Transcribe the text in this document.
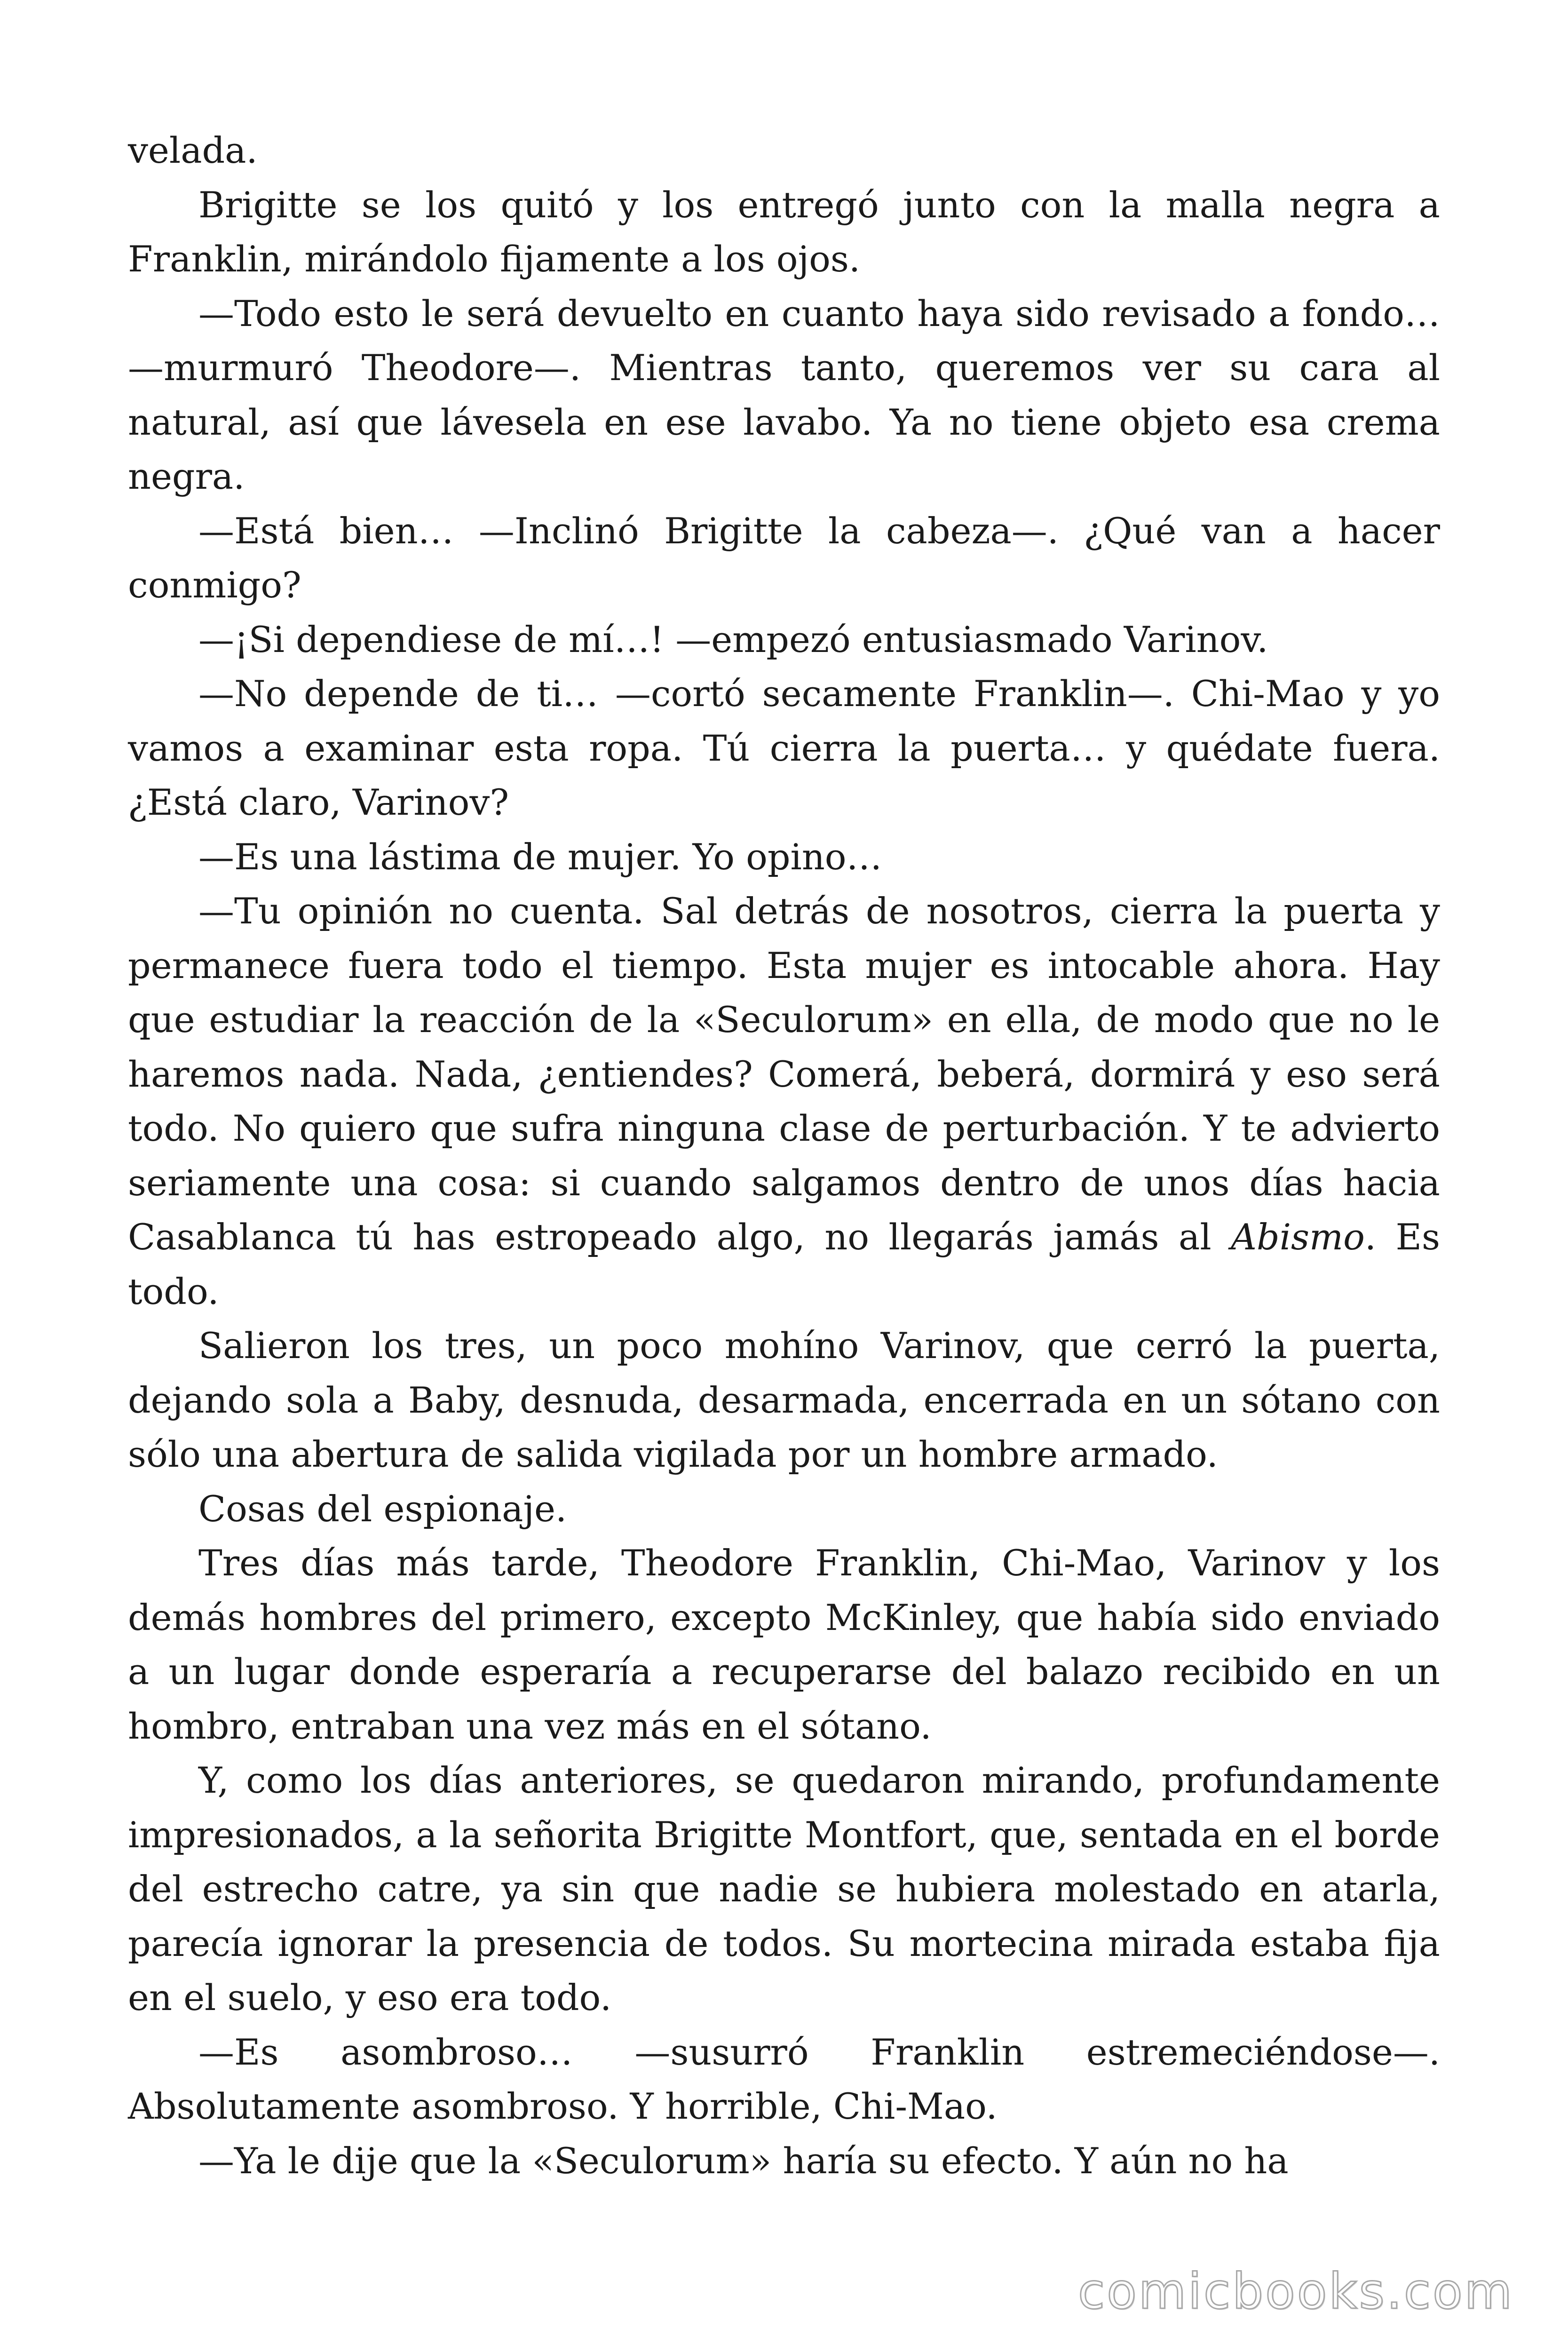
velada.

Brigitte se los quitó y los entregó junto con la malla negra a Franklin, mirándolo fijamente a los ojos.

—Todo esto le será devuelto en cuanto haya sido revisado a fondo… —murmuró Theodore—. Mientras tanto, queremos ver su cara al natural, así que lávesela en ese lavabo. Ya no tiene objeto esa crema negra.

—Está bien… —Inclinó Brigitte la cabeza—. ¿Qué van a hacer conmigo?

—¡Si dependiese de mí…! —empezó entusiasmado Varinov.

—No depende de ti… —cortó secamente Franklin—. Chi-Mao y yo vamos a examinar esta ropa. Tú cierra la puerta… y quédate fuera. ¿Está claro, Varinov?

—Es una lástima de mujer. Yo opino…

—Tu opinión no cuenta. Sal detrás de nosotros, cierra la puerta y permanece fuera todo el tiempo. Esta mujer es intocable ahora. Hay que estudiar la reacción de la «Seculorum» en ella, de modo que no le haremos nada. Nada, ¿entiendes? Comerá, beberá, dormirá y eso será todo. No quiero que sufra ninguna clase de perturbación. Y te advierto seriamente una cosa: si cuando salgamos dentro de unos días hacia Casablanca tú has estropeado algo, no llegarás jamás al Abismo. Es todo.

Salieron los tres, un poco mohíno Varinov, que cerró la puerta, dejando sola a Baby, desnuda, desarmada, encerrada en un sótano con sólo una abertura de salida vigilada por un hombre armado.

Cosas del espionaje.

Tres días más tarde, Theodore Franklin, Chi-Mao, Varinov y los demás hombres del primero, excepto McKinley, que había sido enviado a un lugar donde esperaría a recuperarse del balazo recibido en un hombro, entraban una vez más en el sótano.

Y, como los días anteriores, se quedaron mirando, profundamente impresionados, a la señorita Brigitte Montfort, que, sentada en el borde del estrecho catre, ya sin que nadie se hubiera molestado en atarla, parecía ignorar la presencia de todos. Su mortecina mirada estaba fija en el suelo, y eso era todo.

—Es asombroso… —susurró Franklin estremeciéndose—. Absolutamente asombroso. Y horrible, Chi-Mao.

—Ya le dije que la «Seculorum» haría su efecto. Y aún no ha

comicbooks.com
